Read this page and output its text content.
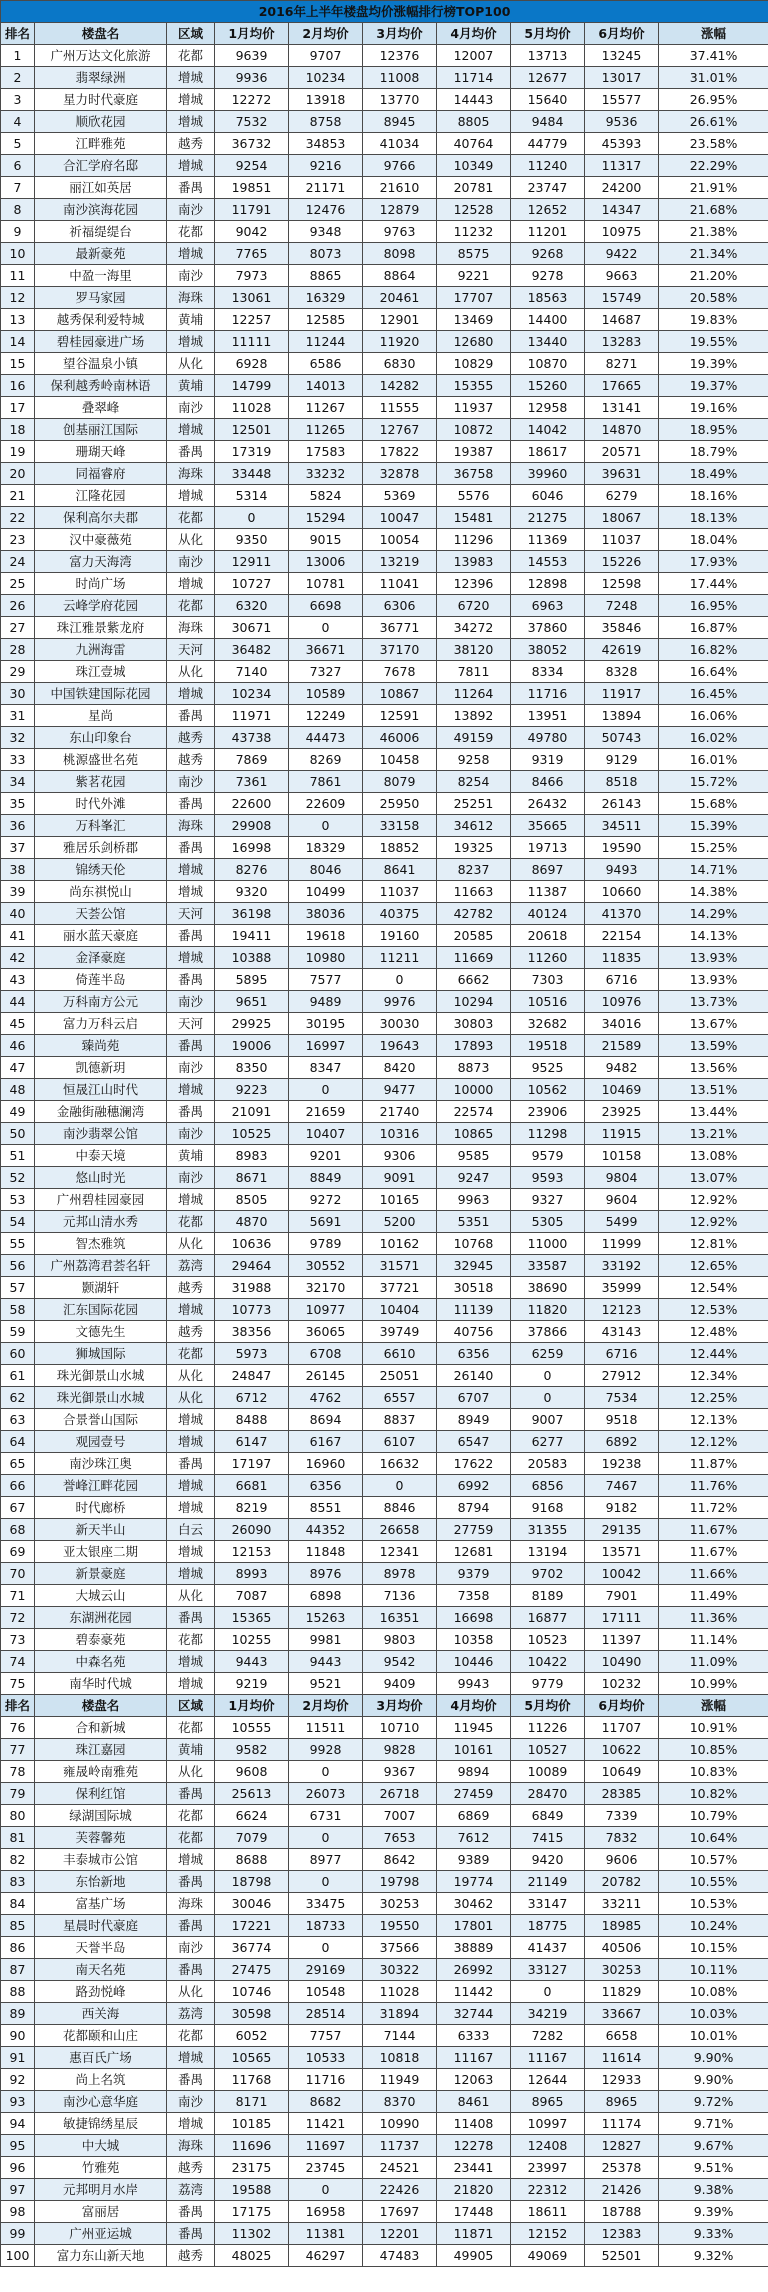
2016年上半年楼盘均价涨幅排行榜TOP100									
排名	楼盘名	区域	1月均价	2月均价	3月均价	4月均价	5月均价	6月均价	涨幅
1	广州万达文化旅游	花都	9639	9707	12376	12007	13713	13245	37.41%
2	翡翠绿洲	增城	9936	10234	11008	11714	12677	13017	31.01%
3	星力时代豪庭	增城	12272	13918	13770	14443	15640	15577	26.95%
4	顺欣花园	增城	7532	8758	8945	8805	9484	9536	26.61%
5	江畔雅苑	越秀	36732	34853	41034	40764	44779	45393	23.58%
6	合汇学府名邸	增城	9254	9216	9766	10349	11240	11317	22.29%
7	丽江如英居	番禺	19851	21171	21610	20781	23747	24200	21.91%
8	南沙滨海花园	南沙	11791	12476	12879	12528	12652	14347	21.68%
9	祈福缇缇台	花都	9042	9348	9763	11232	11201	10975	21.38%
10	最新豪苑	增城	7765	8073	8098	8575	9268	9422	21.34%
11	中盈一海里	南沙	7973	8865	8864	9221	9278	9663	21.20%
12	罗马家园	海珠	13061	16329	20461	17707	18563	15749	20.58%
13	越秀保利爱特城	黄埔	12257	12585	12901	13469	14400	14687	19.83%
14	碧桂园豪进广场	增城	11111	11244	11920	12680	13440	13283	19.55%
15	望谷温泉小镇	从化	6928	6586	6830	10829	10870	8271	19.39%
16	保利越秀岭南林语	黄埔	14799	14013	14282	15355	15260	17665	19.37%
17	叠翠峰	南沙	11028	11267	11555	11937	12958	13141	19.16%
18	创基丽江国际	增城	12501	11265	12767	10872	14042	14870	18.95%
19	珊瑚天峰	番禺	17319	17583	17822	19387	18617	20571	18.79%
20	同福睿府	海珠	33448	33232	32878	36758	39960	39631	18.49%
21	江隆花园	增城	5314	5824	5369	5576	6046	6279	18.16%
22	保利高尔夫郡	花都	0	15294	10047	15481	21275	18067	18.13%
23	汉中豪薇苑	从化	9350	9015	10054	11296	11369	11037	18.04%
24	富力天海湾	南沙	12911	13006	13219	13983	14553	15226	17.93%
25	时尚广场	增城	10727	10781	11041	12396	12898	12598	17.44%
26	云峰学府花园	花都	6320	6698	6306	6720	6963	7248	16.95%
27	珠江雅景紫龙府	海珠	30671	0	36771	34272	37860	35846	16.87%
28	九洲海雷	天河	36482	36671	37170	38120	38052	42619	16.82%
29	珠江壹城	从化	7140	7327	7678	7811	8334	8328	16.64%
30	中国铁建国际花园	增城	10234	10589	10867	11264	11716	11917	16.45%
31	星尚	番禺	11971	12249	12591	13892	13951	13894	16.06%
32	东山印象台	越秀	43738	44473	46006	49159	49780	50743	16.02%
33	桃源盛世名苑	越秀	7869	8269	10458	9258	9319	9129	16.01%
34	紫茗花园	南沙	7361	7861	8079	8254	8466	8518	15.72%
35	时代外滩	番禺	22600	22609	25950	25251	26432	26143	15.68%
36	万科峯汇	海珠	29908	0	33158	34612	35665	34511	15.39%
37	雅居乐剑桥郡	番禺	16998	18329	18852	19325	19713	19590	15.25%
38	锦绣天伦	增城	8276	8046	8641	8237	8697	9493	14.71%
39	尚东祺悦山	增城	9320	10499	11037	11663	11387	10660	14.38%
40	天荟公馆	天河	36198	38036	40375	42782	40124	41370	14.29%
41	丽水蓝天豪庭	番禺	19411	19618	19160	20585	20618	22154	14.13%
42	金泽豪庭	增城	10388	10980	11211	11669	11260	11835	13.93%
43	倚莲半岛	番禺	5895	7577	0	6662	7303	6716	13.93%
44	万科南方公元	南沙	9651	9489	9976	10294	10516	10976	13.73%
45	富力万科云启	天河	29925	30195	30030	30803	32682	34016	13.67%
46	臻尚苑	番禺	19006	16997	19643	17893	19518	21589	13.59%
47	凯德新玥	南沙	8350	8347	8420	8873	9525	9482	13.56%
48	恒晟江山时代	增城	9223	0	9477	10000	10562	10469	13.51%
49	金融街融穗澜湾	番禺	21091	21659	21740	22574	23906	23925	13.44%
50	南沙翡翠公馆	南沙	10525	10407	10316	10865	11298	11915	13.21%
51	中泰天境	黄埔	8983	9201	9306	9585	9579	10158	13.08%
52	悠山时光	南沙	8671	8849	9091	9247	9593	9804	13.07%
53	广州碧桂园豪园	增城	8505	9272	10165	9963	9327	9604	12.92%
54	元邦山清水秀	花都	4870	5691	5200	5351	5305	5499	12.92%
55	智杰雅筑	从化	10636	9789	10162	10768	11000	11999	12.81%
56	广州荔湾君荟名轩	荔湾	29464	30552	31571	32945	33587	33192	12.65%
57	颢湖轩	越秀	31988	32170	37721	30518	38690	35999	12.54%
58	汇东国际花园	增城	10773	10977	10404	11139	11820	12123	12.53%
59	文德先生	越秀	38356	36065	39749	40756	37866	43143	12.48%
60	狮城国际	花都	5973	6708	6610	6356	6259	6716	12.44%
61	珠光御景山水城	从化	24847	26145	25051	26140	0	27912	12.34%
62	珠光御景山水城	从化	6712	4762	6557	6707	0	7534	12.25%
63	合景誉山国际	增城	8488	8694	8837	8949	9007	9518	12.13%
64	观园壹号	增城	6147	6167	6107	6547	6277	6892	12.12%
65	南沙珠江奥	番禺	17197	16960	16632	17622	20583	19238	11.87%
66	誉峰江畔花园	增城	6681	6356	0	6992	6856	7467	11.76%
67	时代廊桥	增城	8219	8551	8846	8794	9168	9182	11.72%
68	新天半山	白云	26090	44352	26658	27759	31355	29135	11.67%
69	亚太银座二期	增城	12153	11848	12341	12681	13194	13571	11.67%
70	新景豪庭	增城	8993	8976	8978	9379	9702	10042	11.66%
71	大城云山	从化	7087	6898	7136	7358	8189	7901	11.49%
72	东湖洲花园	番禺	15365	15263	16351	16698	16877	17111	11.36%
73	碧泰豪苑	花都	10255	9981	9803	10358	10523	11397	11.14%
74	中森名苑	增城	9443	9443	9542	10446	10422	10490	11.09%
75	南华时代城	增城	9219	9521	9409	9943	9779	10232	10.99%
排名	楼盘名	区域	1月均价	2月均价	3月均价	4月均价	5月均价	6月均价	涨幅
76	合和新城	花都	10555	11511	10710	11945	11226	11707	10.91%
77	珠江嘉园	黄埔	9582	9928	9828	10161	10527	10622	10.85%
78	雍晟岭南雅苑	从化	9608	0	9367	9894	10089	10649	10.83%
79	保利红馆	番禺	25613	26073	26718	27459	28470	28385	10.82%
80	绿湖国际城	花都	6624	6731	7007	6869	6849	7339	10.79%
81	芙蓉馨苑	花都	7079	0	7653	7612	7415	7832	10.64%
82	丰泰城市公馆	增城	8688	8977	8642	9389	9420	9606	10.57%
83	东怡新地	番禺	18798	0	19798	19774	21149	20782	10.55%
84	富基广场	海珠	30046	33475	30253	30462	33147	33211	10.53%
85	星晨时代豪庭	番禺	17221	18733	19550	17801	18775	18985	10.24%
86	天誉半岛	南沙	36774	0	37566	38889	41437	40506	10.15%
87	南天名苑	番禺	27475	29169	30322	26992	33127	30253	10.11%
88	路劲悦峰	从化	10746	10548	11028	11442	0	11829	10.08%
89	西关海	荔湾	30598	28514	31894	32744	34219	33667	10.03%
90	花都颐和山庄	花都	6052	7757	7144	6333	7282	6658	10.01%
91	惠百氏广场	增城	10565	10533	10818	11167	11167	11614	9.90%
92	尚上名筑	番禺	11768	11716	11949	12063	12644	12933	9.90%
93	南沙心意华庭	南沙	8171	8682	8370	8461	8965	8965	9.72%
94	敏捷锦绣星辰	增城	10185	11421	10990	11408	10997	11174	9.71%
95	中大城	海珠	11696	11697	11737	12278	12408	12827	9.67%
96	竹雅苑	越秀	23175	23745	24521	23441	23997	25378	9.51%
97	元邦明月水岸	荔湾	19588	0	22426	21820	22312	21426	9.38%
98	富丽居	番禺	17175	16958	17697	17448	18611	18788	9.39%
99	广州亚运城	番禺	11302	11381	12201	11871	12152	12383	9.33%
100	富力东山新天地	越秀	48025	46297	47483	49905	49069	52501	9.32%
